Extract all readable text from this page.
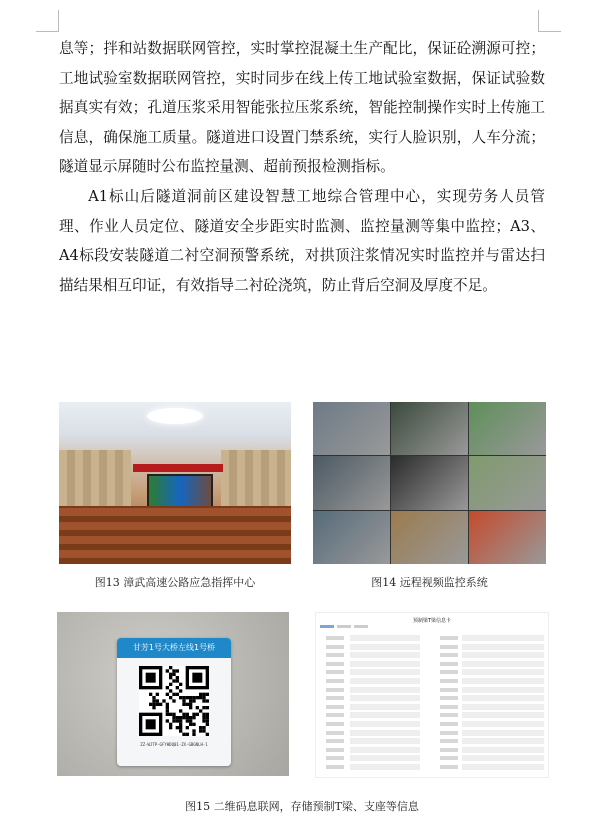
息等；拌和站数据联网管控，实时掌控混凝土生产配比，保证砼溯源可控；工地试验室数据联网管控，实时同步在线上传工地试验室数据，保证试验数据真实有效；孔道压浆采用智能张拉压浆系统，智能控制操作实时上传施工信息，确保施工质量。隧道进口设置门禁系统，实行人脸识别，人车分流；隧道显示屏随时公布监控量测、超前预报检测指标。

A1标山后隧道洞前区建设智慧工地综合管理中心，实现劳务人员管理、作业人员定位、隧道安全步距实时监测、监控量测等集中监控；A3、A4标段安装隧道二衬空洞预警系统，对拱顶注浆情况实时监控并与雷达扫描结果相互印证，有效指导二衬砼浇筑，防止背后空洞及厚度不足。

图13 漳武高速公路应急指挥中心	图14 远程视频监控系统
甘芳1号大桥左线1号桥
ZZ-WJTP-GFYHDQ01-ZX-GBGNLH-1
预制梁T梁信息卡
图15 二维码息联网，存储预制T梁、支座等信息
